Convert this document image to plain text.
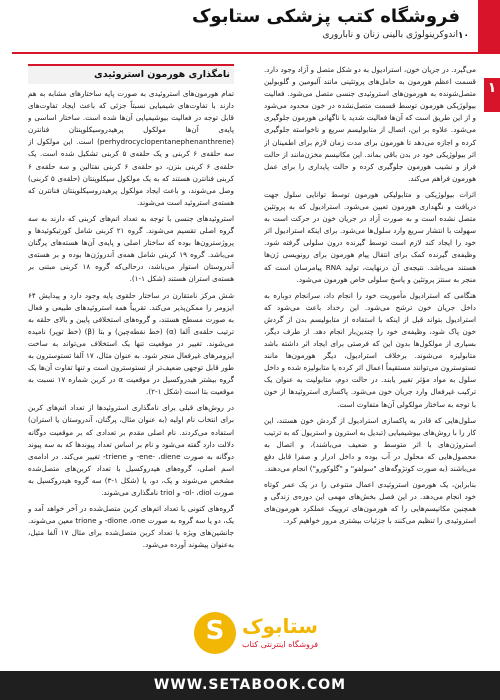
فروشگاه کتب پزشکی ستابوک
۱۰
اندوکرینولوژی بالینی زنان و ناباروری
۱

می‌گیرد. در جریان خون، استرادیول به دو شکل متصل و آزاد وجود دارد. قسمت اعظم هورمون به حامل‌های پروتئینی مانند آلبومین و گلوبولین متصل‌شونده به هورمون‌های استروئیدی جنسی متصل می‌شود. فعالیت بیولوژیکی هورمون توسط قسمت متصل‌نشده در خون محدود می‌شود و از این طریق است که آن‌ها فعالیت شدید با ناگهانی هورمون جلوگیری می‌شود. علاوه بر این، اتصال از متابولیسم سریع و ناخواسته جلوگیری کرده و اجازه می‌دهد تا هورمون برای مدت زمان لازم برای اطمینان از اثر بیولوژیکی خود در بدن باقی بماند. این مکانیسم مخزن‌مانند از حالت فراز و نشیب هورمون جلوگیری کرده و حالت پایداری را برای عمل هورمون فراهم می‌کند.

اثرات بیولوژیکی و متابولیکی هورمون توسط توانایی سلول جهت دریافت و نگهداری هورمون تعیین می‌شود. استرادیول که به پروتئین متصل نشده است و به صورت آزاد در جریان خون در حرکت است به سهولت با انتشار سریع وارد سلول‌ها می‌شود. برای اینکه استرادیول اثر خود را ایجاد کند لازم است توسط گیرنده درون سلولی گرفته شود. وظیفه‌ی گیرنده کمک برای انتقال پیام هورمون برای رونویسی ژن‌ها هستند می‌باشد. نتیجه‌ی آن درنهایت، تولید RNA پیامرسان است که منجر به سنتز پروتئین و پاسخ سلولی خاص هورمون می‌شود.

هنگامی که استرادیول مأموریت خود را انجام داد، سرانجام دوباره به داخل جریان خون ترشح می‌شود. این رخداد باعث می‌شود که استرادیول بتواند قبل از اینکه با استفاده از متابولیسم بدن از گردش خون پاک شود، وظیفه‌ی خود را چندین‌بار انجام دهد. از طرف دیگر، بسیاری از مولکول‌ها بدون این که فرصتی برای ایجاد اثر داشته باشد متابولیزه می‌شوند. برخلاف استرادیول، دیگر هورمون‌ها مانند تستوسترون می‌توانند مستقیماً اعمال اثر کرده یا متابولیزه شده و داخل سلول به مواد مؤثر تغییر یابند. در حالت دوم، متابولیت به عنوان یک ترکیب غیرفعال وارد جریان خون می‌شود. پاکسازی استروئیدها از خون با توجه به ساختار مولکولی آن‌ها متفاوت است.

سلول‌هایی که قادر به پاکسازی استرادیول از گردش خون هستند، این کار را با روش‌های بیوشیمیایی (تبدیل به استرون و استریول که به ترتیب استروژن‌های با اثر متوسط و ضعیف می‌باشند)، و اتصال به محصول‌هایی که محلول در آب بوده و داخل ادرار و صفرا قابل دفع می‌باشند (به صورت کونژوگه‌های "سولفو" و "گلوکورو") انجام می‌دهند.

بنابراین، یک هورمون استروئیدی اعمال متنوعی را در یک عمر کوتاه خود انجام می‌دهد. در این فصل بخش‌های مهمی این دوره‌ی زندگی و همچنین مکانیسم‌هایی را که هورمون‌های تروپیک عملکرد هورمون‌های استروئیدی را تنظیم می‌کنند با جزئیات بیشتری مرور خواهیم کرد.

نامگذاری هورمون استروئیدی

تمام هورمون‌های استروئیدی به صورت پایه ساختارهای مشابه به هم دارند با تفاوت‌های شیمیایی نسبتاً جزئی که باعث ایجاد تفاوت‌های قابل توجه در فعالیت بیوشیمیایی آن‌ها شده است. ساختار اساسی و پایه‌ی آن‌ها مولکول پرهیدروسیکلوپنتان فنانترن (perhydrocyclopentanephenanthrene) است. این مولکول از سه حلقه‌ی ۶ کربنی و یک حلقه‌ی ۵ کربنی تشکیل شده است. یک حلقه‌ی ۶ کربنی بنزن، دو حلقه‌ی ۶ کربنی نفتالین و سه حلقه‌ی ۶ کربنی فنانترن هستند که به یک مولکول سیکلوپنتان (حلقه‌ی ۵ کربنی) وصل می‌شوند، و باعث ایجاد مولکول پرهیدروسیکلوپنتان فنانترن که هسته‌ی استروئید است می‌شوند.

استروئیدهای جنسی با توجه به تعداد اتم‌های کربنی که دارند به سه گروه اصلی تقسیم می‌شوند. گروه ۲۱ کربنی شامل کورتیکوئیدها و پروژسترون‌ها بوده که ساختار اصلی و پایه‌ی آن‌ها هسته‌های پرگنان می‌باشد. گروه ۱۹ کربنی شامل همه‌ی آندروژن‌ها بوده و بر هسته‌ی آندروستان استوار می‌باشد، درحالی‌که گروه ۱۸ کربنی مبتنی بر هسته‌ی استران هستند (شکل ۱-۱).

شش مرکز نامتقارن در ساختار حلقوی پایه وجود دارد و پیدایش ۶۴ ایزومر را ممکن‌پذیر می‌کند. تقریباً همه استروئیدهای طبیعی و فعال به صورت مسطح هستند، و گروه‌های استخلافی پایین و بالای حلقه به ترتیب حلقه‌ی آلفا (α) (خط نقطه‌چین) و بتا (β) (خط توپر) نامیده می‌شوند. تغییر در موقعیت تنها یک استخلاف می‌تواند به ساخت ایزومرهای غیرفعال منجر شود. به عنوان مثال، ۱۷ آلفا تستوسترون به طور قابل توجهی ضعیف‌تر از تستوسترون است و تنها تفاوت آن‌ها یک گروه بیشتر هیدروکسیل در موقعیت α در کربن شماره ۱۷ نسبت به موقعیت بتا است (شکل ۱-۲).

در روش‌های قبلی برای نامگذاری استروئیدها از تعداد اتم‌های کربن برای انتخاب نام اولیه (به عنوان مثال، پرگنان، آندروستان یا استران) استفاده می‌کردند. نام اصلی مقدم بر تعدادی که بر موقعیت دوگانه دلالت دارد گفته می‌شود و نام بر اساس تعداد پیوند‌ها که به سه پیوند دوگانه به صورت ene- ،diene- و triene- تغییر می‌کند. در ادامه‌ی اسم اصلی، گروه‌های هیدروکسیل با تعداد کربن‌های متصل‌شده مشخص می‌شوند و یک، دو، یا (شکل ۱-۳) سه گروه هیدروکسیل به صورت ol- ،diol- و triol نامگذاری می‌شوند.

گروه‌های کتونی با تعداد اتم‌های کربن متصل‌شده در آخر خواهد آمد و یک، دو یا سه گروه به صورت dione ،one- و trione معین می‌شوند. جانشین‌های ویژه با تعداد کربن متصل‌شده برای مثال ۱۷ آلفا متیل، به‌عنوان پیشوند آورده می‌شود.

S ستابوک
فروشگاه اینترنتی کتاب
WWW.SETABOOK.COM
